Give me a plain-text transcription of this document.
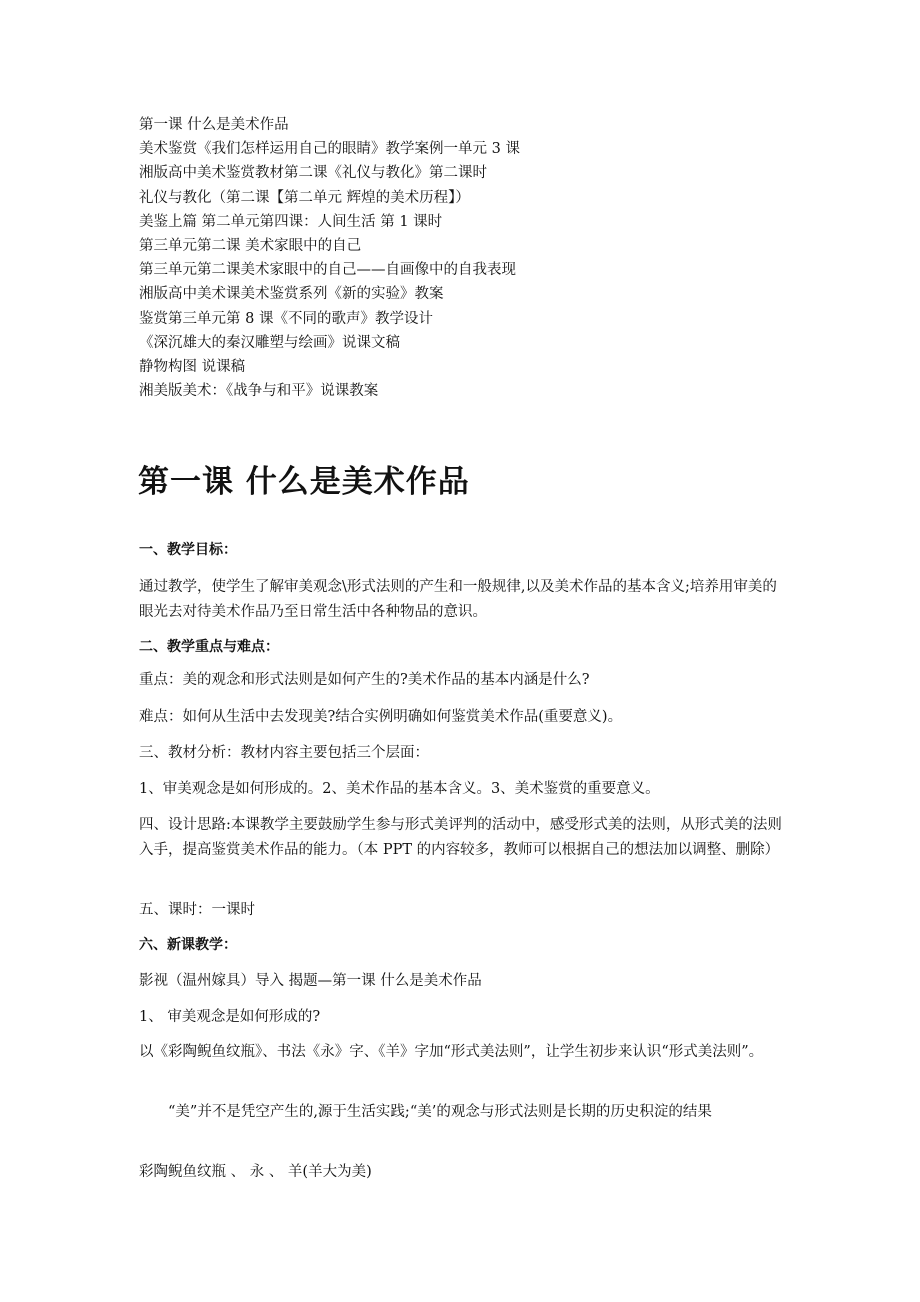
第一课 什么是美术作品
美术鉴赏《我们怎样运用自己的眼睛》教学案例一单元 3 课
湘版高中美术鉴赏教材第二课《礼仪与教化》第二课时
礼仪与教化（第二课【第二单元 辉煌的美术历程】）
美鉴上篇 第二单元第四课：人间生活 第 1 课时
第三单元第二课 美术家眼中的自己
第三单元第二课美术家眼中的自己——自画像中的自我表现
湘版高中美术课美术鉴赏系列《新的实验》教案
鉴赏第三单元第 8 课《不同的歌声》教学设计
《深沉雄大的秦汉雕塑与绘画》说课文稿
静物构图 说课稿
湘美版美术：《战争与和平》说课教案
第一课 什么是美术作品
一、教学目标：
通过教学，使学生了解审美观念\形式法则的产生和一般规律,以及美术作品的基本含义;培养用审美的眼光去对待美术作品乃至日常生活中各种物品的意识。
二、教学重点与难点：
重点：美的观念和形式法则是如何产生的?美术作品的基本内涵是什么?
难点：如何从生活中去发现美?结合实例明确如何鉴赏美术作品(重要意义)。
三、教材分析：教材内容主要包括三个层面：
1、审美观念是如何形成的。2、美术作品的基本含义。3、美术鉴赏的重要意义。
四、设计思路:本课教学主要鼓励学生参与形式美评判的活动中，感受形式美的法则，从形式美的法则入手，提高鉴赏美术作品的能力。（本 PPT 的内容较多，教师可以根据自己的想法加以调整、删除）
五、课时：一课时
六、新课教学：
影视（温州嫁具）导入 揭题—第一课 什么是美术作品
1、 审美观念是如何形成的?
以《彩陶鲵鱼纹瓶》、书法《永》字、《羊》字加“形式美法则”，让学生初步来认识“形式美法则”。
“美”并不是凭空产生的,源于生活实践;“美’的观念与形式法则是长期的历史积淀的结果
彩陶鲵鱼纹瓶 、 永 、 羊(羊大为美)
